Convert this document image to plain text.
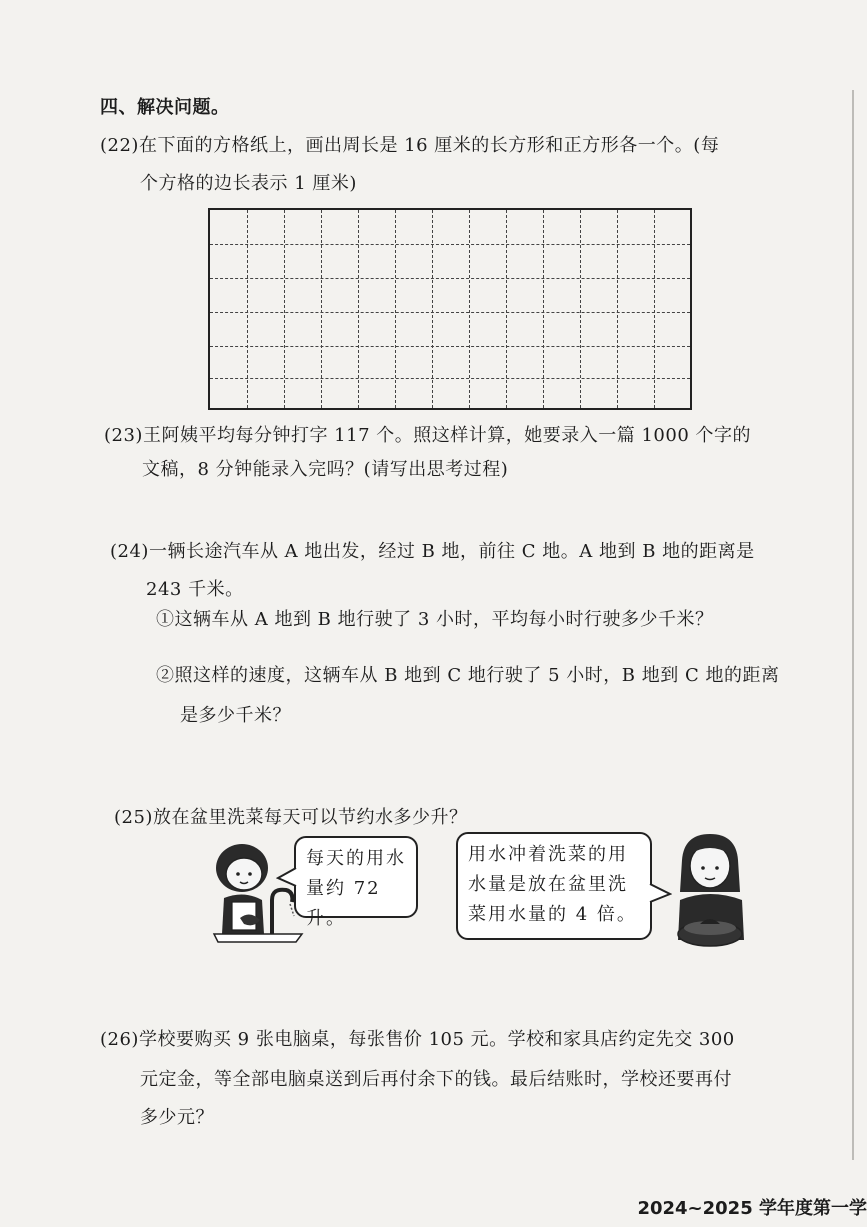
四、解决问题。
(22)在下面的方格纸上，画出周长是 16 厘米的长方形和正方形各一个。(每
个方格的边长表示 1 厘米)
(23)王阿姨平均每分钟打字 117 个。照这样计算，她要录入一篇 1000 个字的
文稿，8 分钟能录入完吗？(请写出思考过程)
(24)一辆长途汽车从 A 地出发，经过 B 地，前往 C 地。A 地到 B 地的距离是
243 千米。
①这辆车从 A 地到 B 地行驶了 3 小时，平均每小时行驶多少千米？
②照这样的速度，这辆车从 B 地到 C 地行驶了 5 小时，B 地到 C 地的距离
是多少千米？
(25)放在盆里洗菜每天可以节约水多少升？
每天的用水
量约 72 升。
用水冲着洗菜的用
水量是放在盆里洗
菜用水量的 4 倍。
(26)学校要购买 9 张电脑桌，每张售价 105 元。学校和家具店约定先交 300
元定金，等全部电脑桌送到后再付余下的钱。最后结账时，学校还要再付
多少元？
2024~2025 学年度第一学
